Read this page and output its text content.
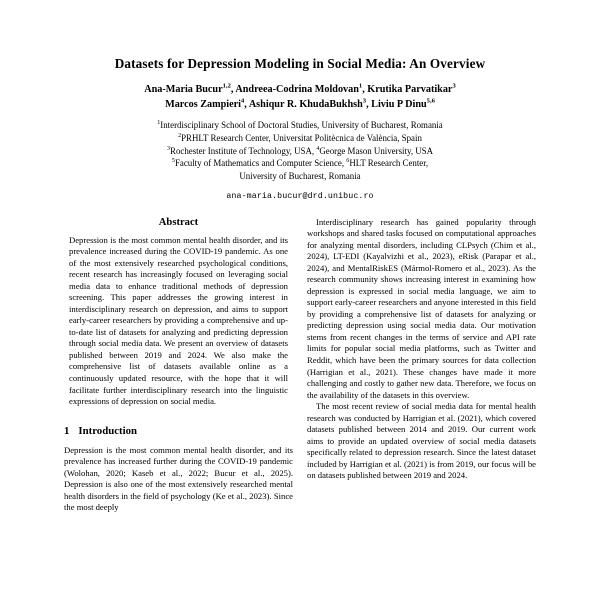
Datasets for Depression Modeling in Social Media: An Overview
Ana-Maria Bucur$^{1,2}$, Andreea-Codrina Moldovan$^1$, Krutika Parvatikar$^3$
Marcos Zampieri$^4$, Ashiqur R. KhudaBukhsh$^3$, Liviu P Dinu$^{5,6}$
$^1$Interdisciplinary School of Doctoral Studies, University of Bucharest, Romania
$^2$PRHLT Research Center, Universitat Politècnica de València, Spain
$^3$Rochester Institute of Technology, USA, $^4$George Mason University, USA
$^5$Faculty of Mathematics and Computer Science, $^6$HLT Research Center,
University of Bucharest, Romania
ana-maria.bucur@drd.unibuc.ro
Abstract

Depression is the most common mental health disorder, and its prevalence increased during the COVID-19 pandemic. As one of the most extensively researched psychological conditions, recent research has increasingly focused on leveraging social media data to enhance traditional methods of depression screening. This paper addresses the growing interest in interdisciplinary research on depression, and aims to support early-career researchers by providing a comprehensive and up-to-date list of datasets for analyzing and predicting depression through social media data. We present an overview of datasets published between 2019 and 2024. We also make the comprehensive list of datasets available online as a continuously updated resource, with the hope that it will facilitate further interdisciplinary research into the linguistic expressions of depression on social media.

1 Introduction

Depression is the most common mental health disorder, and its prevalence has increased further during the COVID-19 pandemic (Wolohan, 2020; Kaseb et al., 2022; Bucur et al., 2025). Depression is also one of the most extensively researched mental health disorders in the field of psychology (Ke et al., 2023). Since the most deeply

Interdisciplinary research has gained popularity through workshops and shared tasks focused on computational approaches for analyzing mental disorders, including CLPsych (Chim et al., 2024), LT-EDI (Kayalvizhi et al., 2023), eRisk (Parapar et al., 2024), and MentalRiskES (Mármol-Romero et al., 2023). As the research community shows increasing interest in examining how depression is expressed in social media language, we aim to support early-career researchers and anyone interested in this field by providing a comprehensive list of datasets for analyzing or predicting depression using social media data. Our motivation stems from recent changes in the terms of service and API rate limits for popular social media platforms, such as Twitter and Reddit, which have been the primary sources for data collection (Harrigian et al., 2021). These changes have made it more challenging and costly to gather new data. Therefore, we focus on the availability of the datasets in this overview.

The most recent review of social media data for mental health research was conducted by Harrigian et al. (2021), which covered datasets published between 2014 and 2019. Our current work aims to provide an updated overview of social media datasets specifically related to depression research. Since the latest dataset included by Harrigian et al. (2021) is from 2019, our focus will be on datasets published between 2019 and 2024.
